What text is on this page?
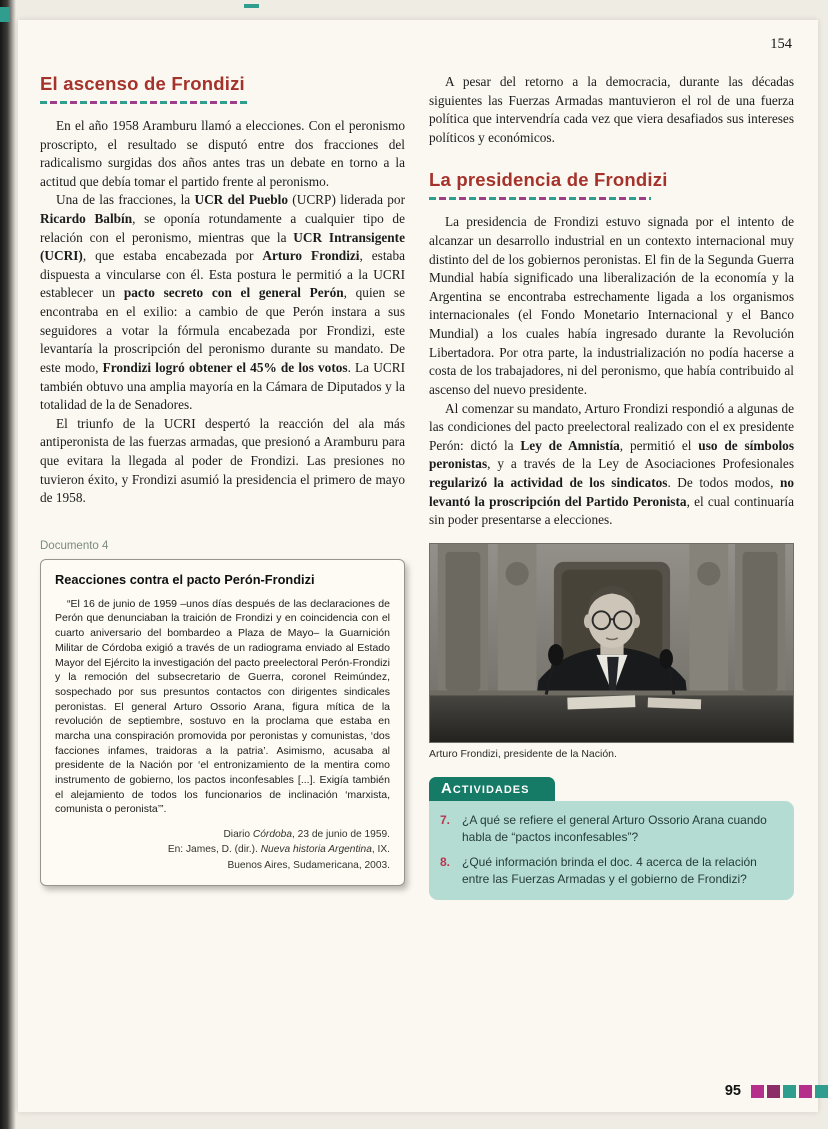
154
El ascenso de Frondizi

En el año 1958 Aramburu llamó a elecciones. Con el peronismo proscripto, el resultado se disputó entre dos fracciones del radicalismo surgidas dos años antes tras un debate en torno a la actitud que debía tomar el partido frente al peronismo.

Una de las fracciones, la UCR del Pueblo (UCRP) liderada por Ricardo Balbín, se oponía rotundamente a cualquier tipo de relación con el peronismo, mientras que la UCR Intransigente (UCRI), que estaba encabezada por Arturo Frondizi, estaba dispuesta a vincularse con él. Esta postura le permitió a la UCRI establecer un pacto secreto con el general Perón, quien se encontraba en el exilio: a cambio de que Perón instara a sus seguidores a votar la fórmula encabezada por Frondizi, este levantaría la proscripción del peronismo durante su mandato. De este modo, Frondizi logró obtener el 45% de los votos. La UCRI también obtuvo una amplia mayoría en la Cámara de Diputados y la totalidad de la de Senadores.

El triunfo de la UCRI despertó la reacción del ala más antiperonista de las fuerzas armadas, que presionó a Aramburu para que evitara la llegada al poder de Frondizi. Las presiones no tuvieron éxito, y Frondizi asumió la presidencia el primero de mayo de 1958.

Documento 4
Reacciones contra el pacto Perón-Frondizi

“El 16 de junio de 1959 –unos días después de las declaraciones de Perón que denunciaban la traición de Frondizi y en coincidencia con el cuarto aniversario del bombardeo a Plaza de Mayo– la Guarnición Militar de Córdoba exigió a través de un radiograma enviado al Estado Mayor del Ejército la investigación del pacto preelectoral Perón-Frondizi y la remoción del subsecretario de Guerra, coronel Reimúndez, sospechado por sus presuntos contactos con dirigentes sindicales peronistas. El general Arturo Ossorio Arana, figura mítica de la revolución de septiembre, sostuvo en la proclama que estaba en marcha una conspiración promovida por peronistas y comunistas, ‘dos facciones infames, traidoras a la patria’. Asimismo, acusaba al presidente de la Nación por ‘el entronizamiento de la mentira como instrumento de gobierno, los pactos inconfesables [...]. Exigía también el alejamiento de todos los funcionarios de inclinación ‘marxista, comunista o peronista’”.

Diario Córdoba, 23 de junio de 1959.
En: James, D. (dir.). Nueva historia Argentina, IX.
Buenos Aires, Sudamericana, 2003.

A pesar del retorno a la democracia, durante las décadas siguientes las Fuerzas Armadas mantuvieron el rol de una fuerza política que intervendría cada vez que viera desafiados sus intereses políticos y económicos.

La presidencia de Frondizi

La presidencia de Frondizi estuvo signada por el intento de alcanzar un desarrollo industrial en un contexto internacional muy distinto del de los gobiernos peronistas. El fin de la Segunda Guerra Mundial había significado una liberalización de la economía y la Argentina se encontraba estrechamente ligada a los organismos internacionales (el Fondo Monetario Internacional y el Banco Mundial) a los cuales había ingresado durante la Revolución Libertadora. Por otra parte, la industrialización no podía hacerse a costa de los trabajadores, ni del peronismo, que había contribuido al ascenso del nuevo presidente.

Al comenzar su mandato, Arturo Frondizi respondió a algunas de las condiciones del pacto preelectoral realizado con el ex presidente Perón: dictó la Ley de Amnistía, permitió el uso de símbolos peronistas, y a través de la Ley de Asociaciones Profesionales regularizó la actividad de los sindicatos. De todos modos, no levantó la proscripción del Partido Peronista, el cual continuaría sin poder presentarse a elecciones.

Arturo Frondizi, presidente de la Nación.
Actividades
7. ¿A qué se refiere el general Arturo Ossorio Arana cuando habla de “pactos inconfesables”?
8. ¿Qué información brinda el doc. 4 acerca de la relación entre las Fuerzas Armadas y el gobierno de Frondizi?
95
